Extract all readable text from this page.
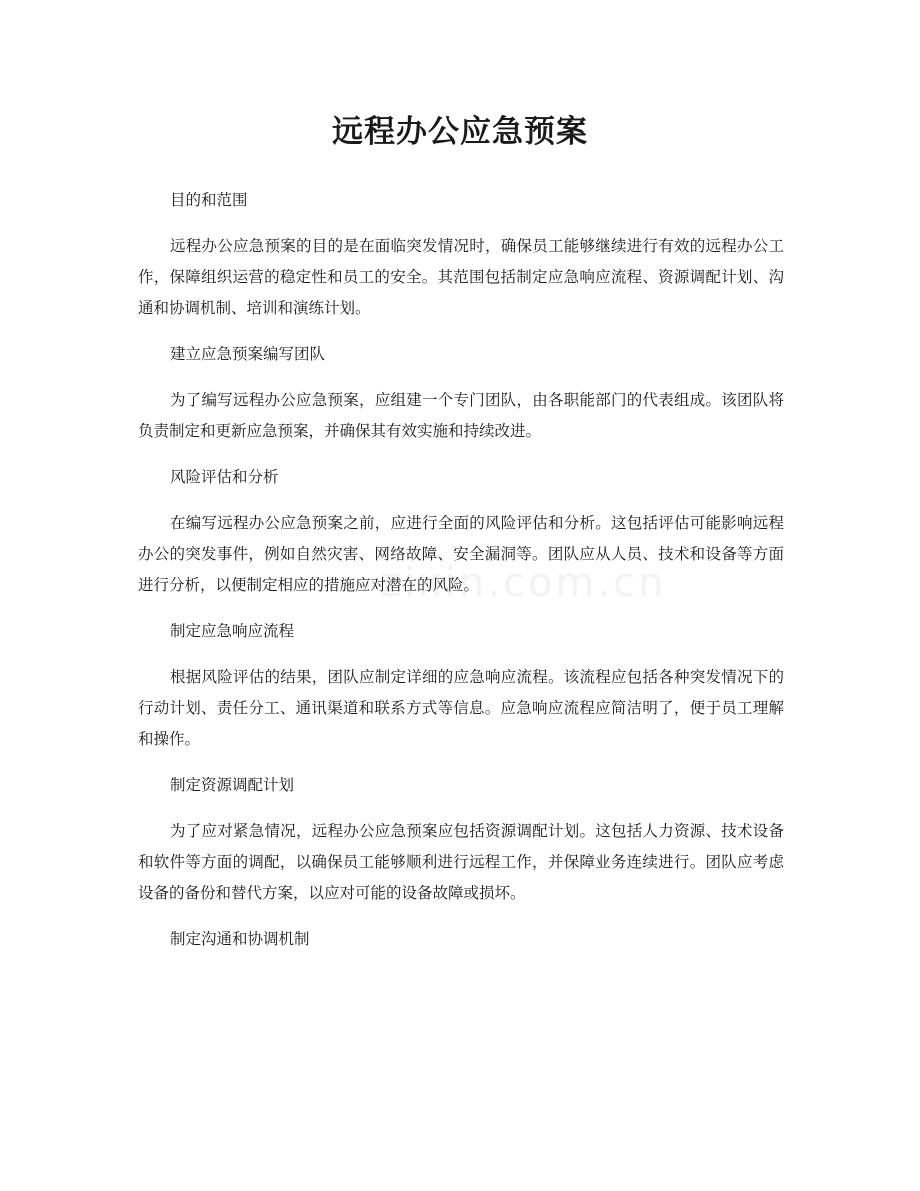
远程办公应急预案
zixin.com.cn

目的和范围

远程办公应急预案的目的是在面临突发情况时，确保员工能够继续进行有效的远程办公工作，保障组织运营的稳定性和员工的安全。其范围包括制定应急响应流程、资源调配计划、沟通和协调机制、培训和演练计划。

建立应急预案编写团队

为了编写远程办公应急预案，应组建一个专门团队，由各职能部门的代表组成。该团队将负责制定和更新应急预案，并确保其有效实施和持续改进。

风险评估和分析

在编写远程办公应急预案之前，应进行全面的风险评估和分析。这包括评估可能影响远程办公的突发事件，例如自然灾害、网络故障、安全漏洞等。团队应从人员、技术和设备等方面进行分析，以便制定相应的措施应对潜在的风险。

制定应急响应流程

根据风险评估的结果，团队应制定详细的应急响应流程。该流程应包括各种突发情况下的行动计划、责任分工、通讯渠道和联系方式等信息。应急响应流程应简洁明了，便于员工理解和操作。

制定资源调配计划

为了应对紧急情况，远程办公应急预案应包括资源调配计划。这包括人力资源、技术设备和软件等方面的调配，以确保员工能够顺利进行远程工作，并保障业务连续进行。团队应考虑设备的备份和替代方案，以应对可能的设备故障或损坏。

制定沟通和协调机制
